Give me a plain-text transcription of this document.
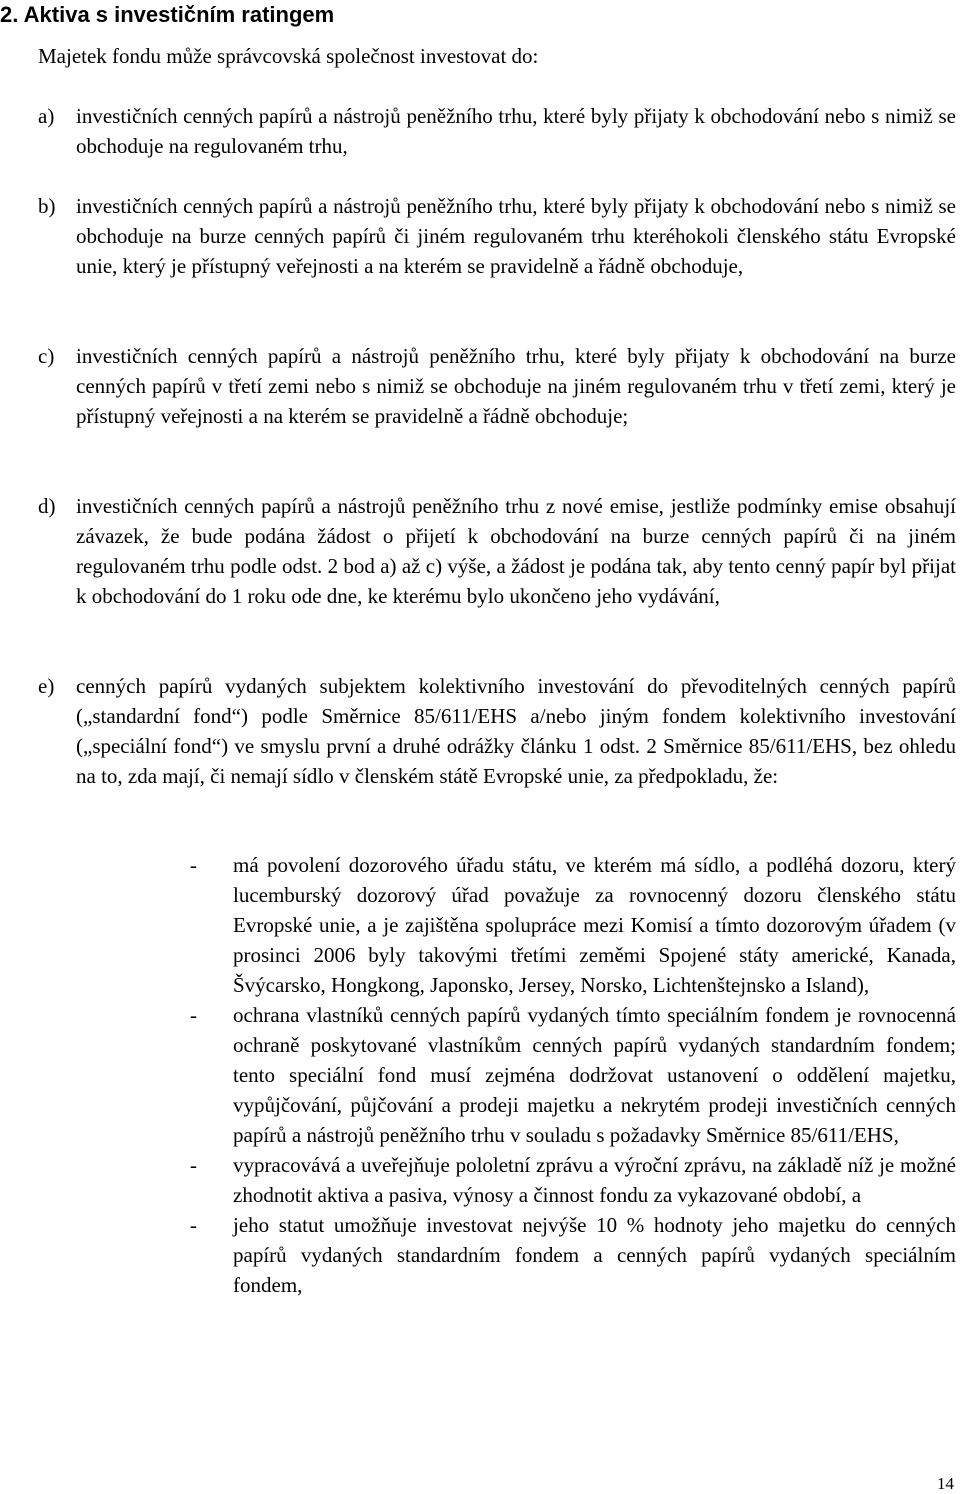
2. Aktiva s investičním ratingem

Majetek fondu může správcovská společnost investovat do:

a)	investičních cenných papírů a nástrojů peněžního trhu, které byly přijaty k obchodování nebo s nimiž se obchoduje na regulovaném trhu,
b) investičních cenných papírů a nástrojů peněžního trhu, které byly přijaty k obchodování nebo s nimiž se obchoduje na burze cenných papírů či jiném regulovaném trhu kteréhokoli členského státu Evropské unie, který je přístupný veřejnosti a na kterém se pravidelně a řádně obchoduje,
c)	investičních cenných papírů a nástrojů peněžního trhu, které byly přijaty k obchodování na burze cenných papírů v třetí zemi nebo s nimiž se obchoduje na jiném regulovaném trhu v třetí zemi, který je přístupný veřejnosti a na kterém se pravidelně a řádně obchoduje;
d) investičních cenných papírů a nástrojů peněžního trhu z nové emise, jestliže podmínky emise obsahují závazek, že bude podána žádost o přijetí k obchodování na burze cenných papírů či na jiném regulovaném trhu podle odst. 2 bod a) až c) výše, a žádost je podána tak, aby tento cenný papír byl přijat k obchodování do 1 roku ode dne, ke kterému bylo ukončeno jeho vydávání,
e)	cenných papírů vydaných subjektem kolektivního investování do převoditelných cenných papírů („standardní fond“) podle Směrnice 85/611/EHS a/nebo jiným fondem kolektivního investování („speciální fond“) ve smyslu první a druhé odrážky článku 1 odst. 2 Směrnice 85/611/EHS, bez ohledu na to, zda mají, či nemají sídlo v členském státě Evropské unie, za předpokladu, že:
-	má povolení dozorového úřadu státu, ve kterém má sídlo, a podléhá dozoru, který lucemburský dozorový úřad považuje za rovnocenný dozoru členského státu Evropské unie, a je zajištěna spolupráce mezi Komisí a tímto dozorovým úřadem (v prosinci 2006 byly takovými třetími zeměmi Spojené státy americké, Kanada, Švýcarsko, Hongkong, Japonsko, Jersey, Norsko, Lichtenštejnsko a Island),
-	ochrana vlastníků cenných papírů vydaných tímto speciálním fondem je rovnocenná ochraně poskytované vlastníkům cenných papírů vydaných standardním fondem; tento speciální fond musí zejména dodržovat ustanovení o oddělení majetku, vypůjčování, půjčování a prodeji majetku a nekrytém prodeji investičních cenných papírů a nástrojů peněžního trhu v souladu s požadavky Směrnice 85/611/EHS,
-	vypracovává a uveřejňuje pololetní zprávu a výroční zprávu, na základě níž je možné zhodnotit aktiva a pasiva, výnosy a činnost fondu za vykazované období, a
-	jeho statut umožňuje investovat nejvýše 10 % hodnoty jeho majetku do cenných papírů vydaných standardním fondem a cenných papírů vydaných speciálním fondem,
14
